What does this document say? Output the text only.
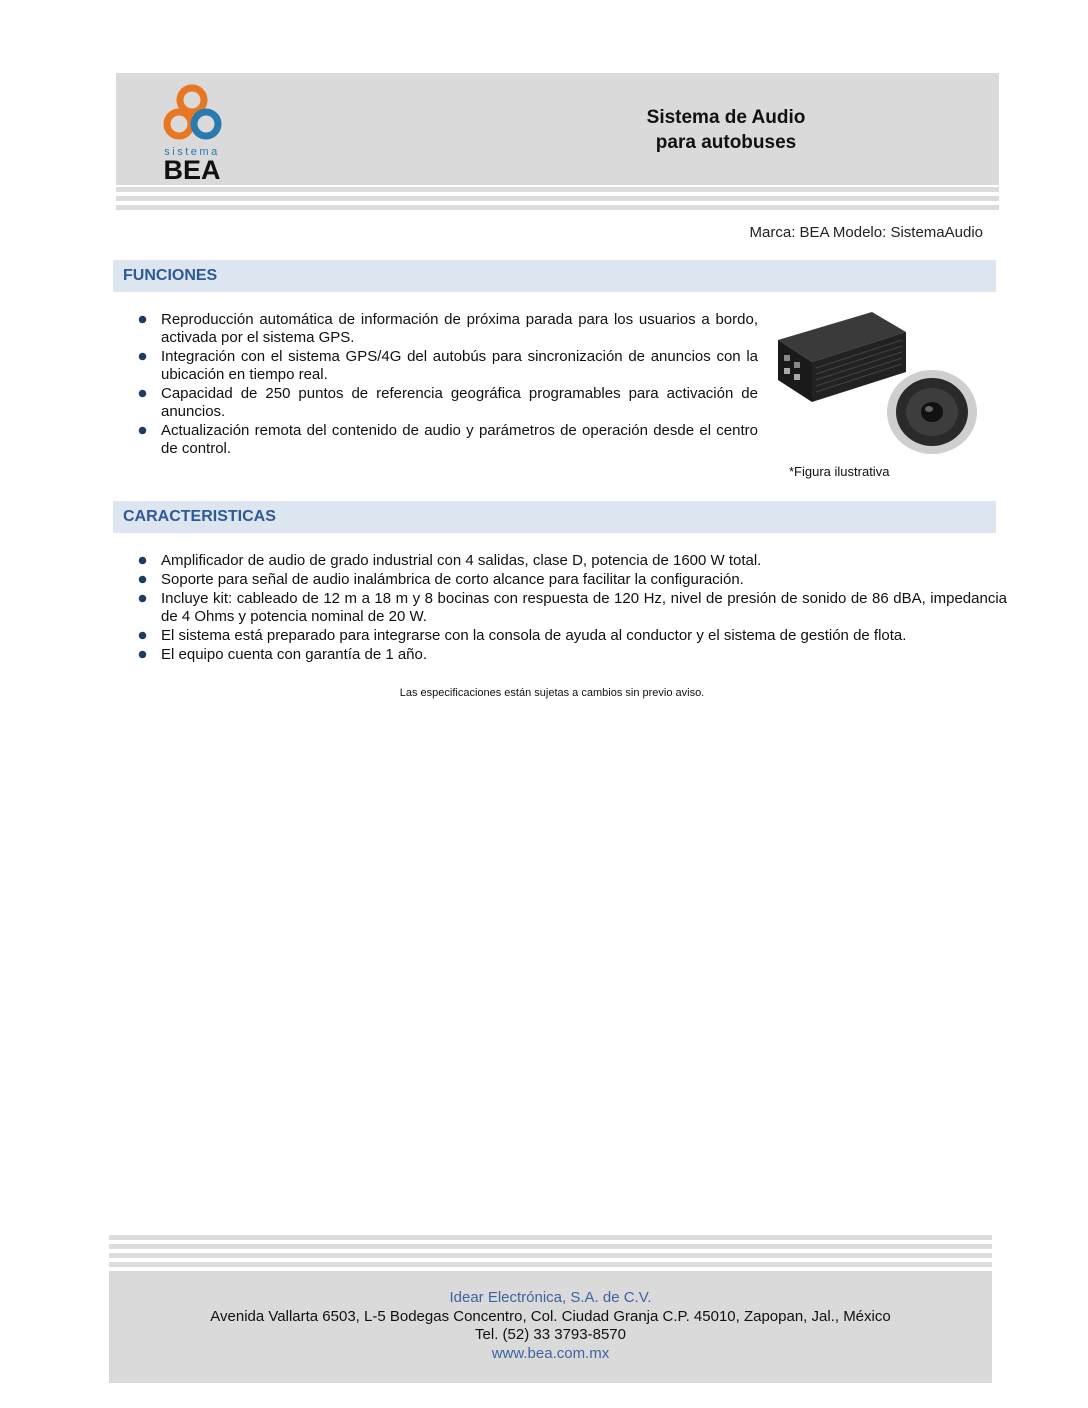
sistema
BEA
Sistema de Audio
para autobuses
Marca: BEA Modelo: SistemaAudio
FUNCIONES
Reproducción automática de información de próxima parada para los usuarios a bordo, activada por el sistema GPS.
Integración con el sistema GPS/4G del autobús para sincronización de anuncios con la ubicación en tiempo real.
Capacidad de 250 puntos de referencia geográfica programables para activación de anuncios.
Actualización remota del contenido de audio y parámetros de operación desde el centro de control.
*Figura ilustrativa
CARACTERISTICAS
Amplificador de audio de grado industrial con 4 salidas, clase D, potencia de 1600 W total.
Soporte para señal de audio inalámbrica de corto alcance para facilitar la configuración.
Incluye kit: cableado de 12 m a 18 m y 8 bocinas con respuesta de 120 Hz, nivel de presión de sonido de 86 dBA, impedancia de 4 Ohms y potencia nominal de 20 W.
El sistema está preparado para integrarse con la consola de ayuda al conductor y el sistema de gestión de flota.
El equipo cuenta con garantía de 1 año.
Las especificaciones están sujetas a cambios sin previo aviso.
Idear Electrónica, S.A. de C.V.
Avenida Vallarta 6503, L-5 Bodegas Concentro, Col. Ciudad Granja C.P. 45010, Zapopan, Jal., México
Tel. (52) 33 3793-8570
www.bea.com.mx
